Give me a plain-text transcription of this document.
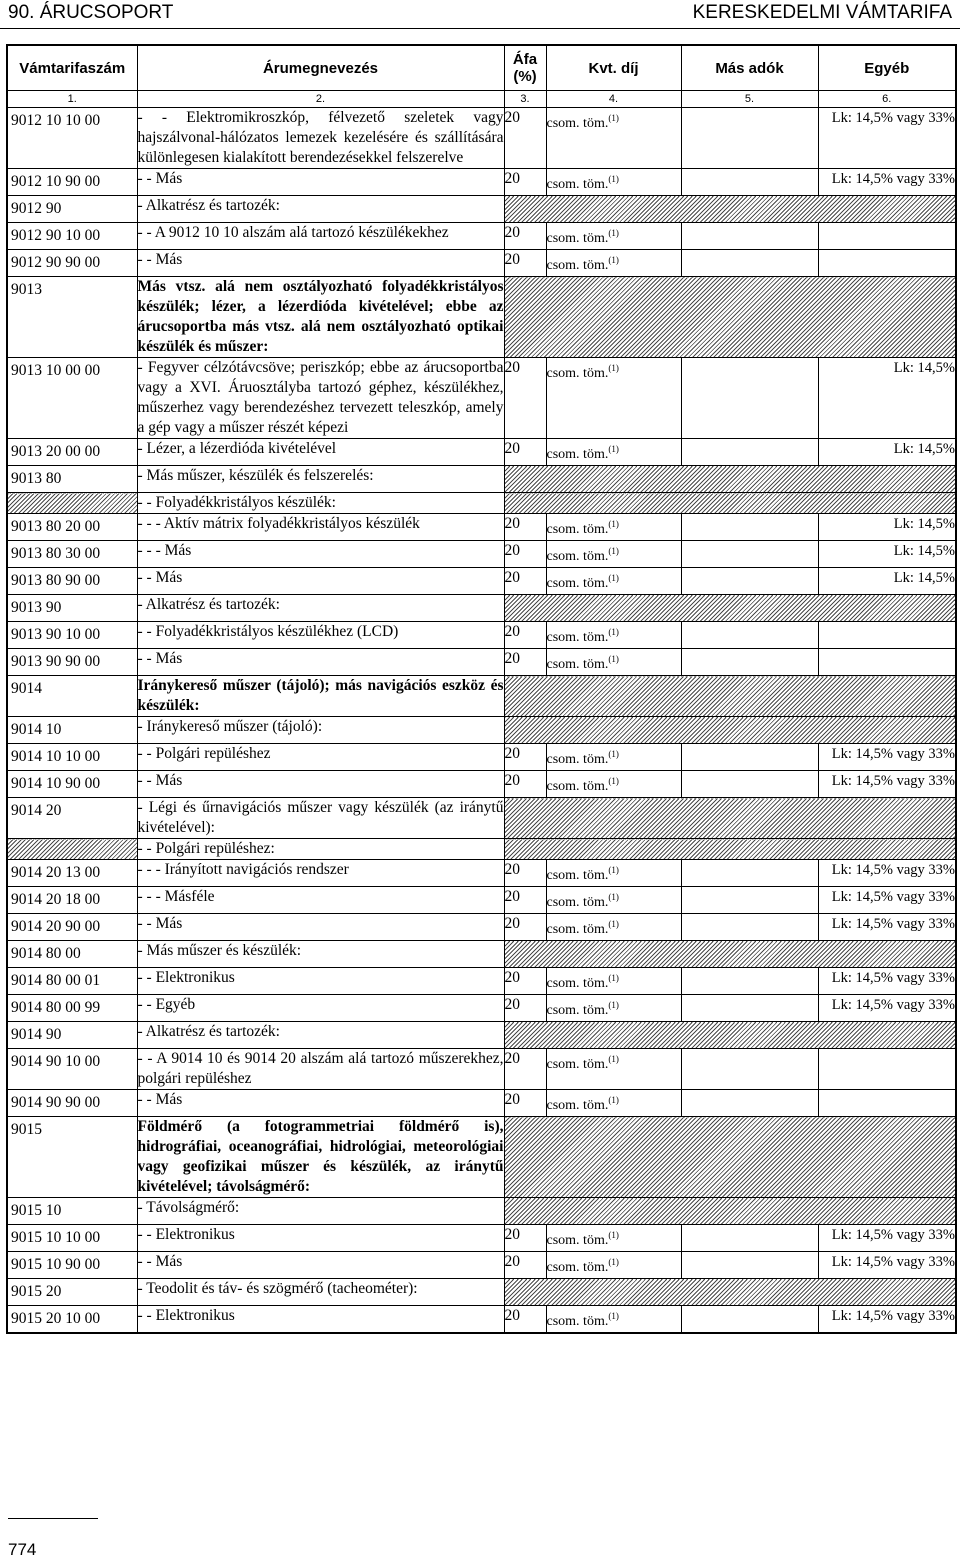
90. ÁRUCSOPORT	KERESKEDELMI VÁMTARIFA
Vámtarifaszám	Árumegnevezés	Áfa (%)	Kvt. díj	Más adók	Egyéb
1.	2.	3.	4.	5.	6.
9012 10 10 00	- - Elektromikroszkóp, félvezető szeletek vagy hajszálvonal-hálózatos lemezek kezelésére és szállítására különlegesen kialakított berendezésekkel felszerelve	20	csom. töm.$^{(1)}$		Lk: 14,5% vagy 33%
9012 10 90 00	- - Más	20	csom. töm.$^{(1)}$		Lk: 14,5% vagy 33%
9012 90	- Alkatrész és tartozék:				
9012 90 10 00	- - A 9012 10 10 alszám alá tartozó készülékekhez	20	csom. töm.$^{(1)}$		
9012 90 90 00	- - Más	20	csom. töm.$^{(1)}$		
9013	Más vtsz. alá nem osztályozható folyadékkristályos készülék; lézer, a lézerdióda kivételével; ebbe az árucsoportba más vtsz. alá nem osztályozható optikai készülék és műszer:				
9013 10 00 00	- Fegyver célzótávcsöve; periszkóp; ebbe az árucsoportba vagy a XVI. Áruosztályba tartozó géphez, készülékhez, műszerhez vagy berendezéshez tervezett teleszkóp, amely a gép vagy a műszer részét képezi	20	csom. töm.$^{(1)}$		Lk: 14,5%
9013 20 00 00	- Lézer, a lézerdióda kivételével	20	csom. töm.$^{(1)}$		Lk: 14,5%
9013 80	- Más műszer, készülék és felszerelés:				
	- - Folyadékkristályos készülék:				
9013 80 20 00	- - - Aktív mátrix folyadékkristályos készülék	20	csom. töm.$^{(1)}$		Lk: 14,5%
9013 80 30 00	- - - Más	20	csom. töm.$^{(1)}$		Lk: 14,5%
9013 80 90 00	- - Más	20	csom. töm.$^{(1)}$		Lk: 14,5%
9013 90	- Alkatrész és tartozék:				
9013 90 10 00	- - Folyadékkristályos készülékhez (LCD)	20	csom. töm.$^{(1)}$		
9013 90 90 00	- - Más	20	csom. töm.$^{(1)}$		
9014	Iránykereső műszer (tájoló); más navigációs eszköz és készülék:				
9014 10	- Iránykereső műszer (tájoló):				
9014 10 10 00	- - Polgári repüléshez	20	csom. töm.$^{(1)}$		Lk: 14,5% vagy 33%
9014 10 90 00	- - Más	20	csom. töm.$^{(1)}$		Lk: 14,5% vagy 33%
9014 20	- Légi és űrnavigációs műszer vagy készülék (az iránytű kivételével):				
	- - Polgári repüléshez:				
9014 20 13 00	- - - Irányított navigációs rendszer	20	csom. töm.$^{(1)}$		Lk: 14,5% vagy 33%
9014 20 18 00	- - - Másféle	20	csom. töm.$^{(1)}$		Lk: 14,5% vagy 33%
9014 20 90 00	- - Más	20	csom. töm.$^{(1)}$		Lk: 14,5% vagy 33%
9014 80 00	- Más műszer és készülék:				
9014 80 00 01	- - Elektronikus	20	csom. töm.$^{(1)}$		Lk: 14,5% vagy 33%
9014 80 00 99	- - Egyéb	20	csom. töm.$^{(1)}$		Lk: 14,5% vagy 33%
9014 90	- Alkatrész és tartozék:				
9014 90 10 00	- - A 9014 10 és 9014 20 alszám alá tartozó műszerekhez, polgári repüléshez	20	csom. töm.$^{(1)}$		
9014 90 90 00	- - Más	20	csom. töm.$^{(1)}$		
9015	Földmérő (a fotogrammetriai földmérő is), hidrográfiai, oceanográfiai, hidrológiai, meteorológiai vagy geofizikai műszer és készülék, az iránytű kivételével; távolságmérő:				
9015 10	- Távolságmérő:				
9015 10 10 00	- - Elektronikus	20	csom. töm.$^{(1)}$		Lk: 14,5% vagy 33%
9015 10 90 00	- - Más	20	csom. töm.$^{(1)}$		Lk: 14,5% vagy 33%
9015 20	- Teodolit és táv- és szögmérő (tacheométer):				
9015 20 10 00	- - Elektronikus	20	csom. töm.$^{(1)}$		Lk: 14,5% vagy 33%
774
